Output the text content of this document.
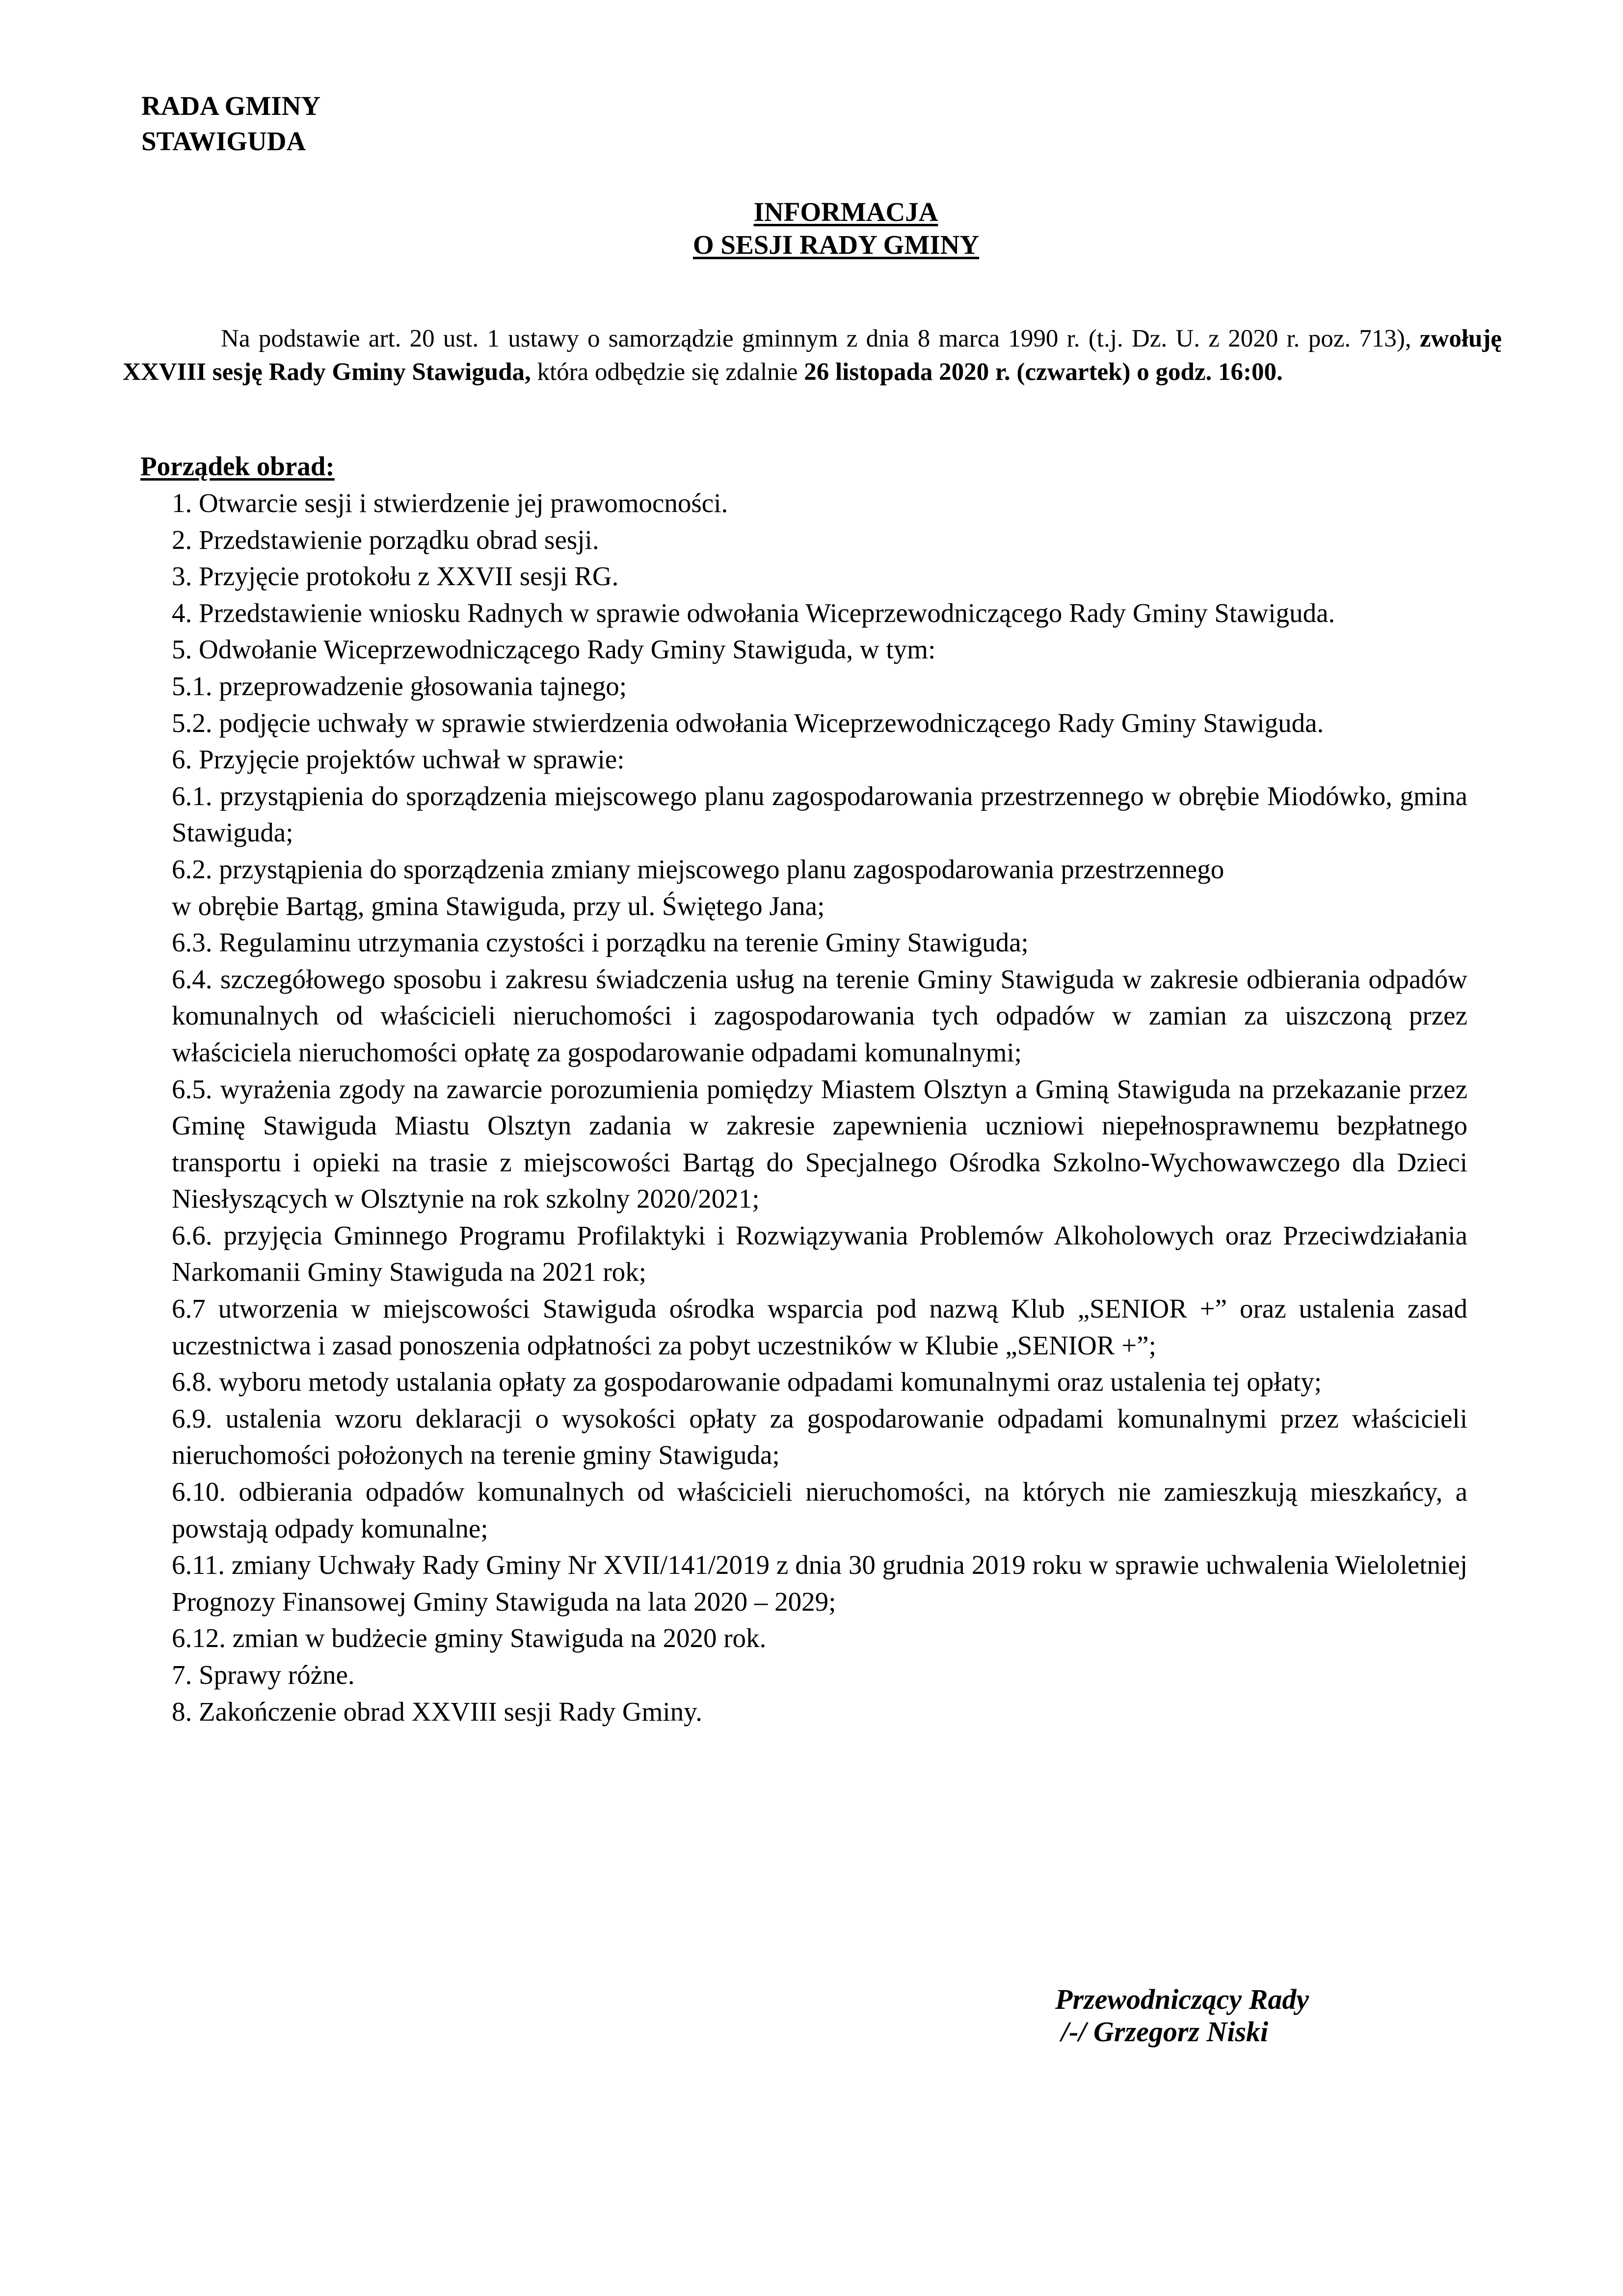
RADA GMINY
STAWIGUDA
INFORMACJA
O SESJI RADY GMINY

Na podstawie art. 20 ust. 1 ustawy o samorządzie gminnym z dnia 8 marca 1990 r. (t.j. Dz. U. z 2020 r. poz. 713), zwołuję XXVIII sesję Rady Gminy Stawiguda, która odbędzie się zdalnie 26 listopada 2020 r. (czwartek) o godz. 16:00.

Porządek obrad:
1. Otwarcie sesji i stwierdzenie jej prawomocności.
2. Przedstawienie porządku obrad sesji.
3. Przyjęcie protokołu z XXVII sesji RG.
4. Przedstawienie wniosku Radnych w sprawie odwołania Wiceprzewodniczącego Rady Gminy Stawiguda.
5. Odwołanie Wiceprzewodniczącego Rady Gminy Stawiguda, w tym:
5.1. przeprowadzenie głosowania tajnego;
5.2. podjęcie uchwały w sprawie stwierdzenia odwołania Wiceprzewodniczącego Rady Gminy Stawiguda.
6. Przyjęcie projektów uchwał w sprawie:
6.1. przystąpienia do sporządzenia miejscowego planu zagospodarowania przestrzennego w obrębie Miodówko, gmina Stawiguda;
6.2. przystąpienia do sporządzenia zmiany miejscowego planu zagospodarowania przestrzennego
w obrębie Bartąg, gmina Stawiguda, przy ul. Świętego Jana;
6.3. Regulaminu utrzymania czystości i porządku na terenie Gminy Stawiguda;
6.4. szczegółowego sposobu i zakresu świadczenia usług na terenie Gminy Stawiguda w zakresie odbierania odpadów komunalnych od właścicieli nieruchomości i zagospodarowania tych odpadów w zamian za uiszczoną przez właściciela nieruchomości opłatę za gospodarowanie odpadami komunalnymi;
6.5. wyrażenia zgody na zawarcie porozumienia pomiędzy Miastem Olsztyn a Gminą Stawiguda na przekazanie przez Gminę Stawiguda Miastu Olsztyn zadania w zakresie zapewnienia uczniowi niepełnosprawnemu bezpłatnego transportu i opieki na trasie z miejscowości Bartąg do Specjalnego Ośrodka Szkolno-Wychowawczego dla Dzieci Niesłyszących w Olsztynie na rok szkolny 2020/2021;
6.6. przyjęcia Gminnego Programu Profilaktyki i Rozwiązywania Problemów Alkoholowych oraz Przeciwdziałania Narkomanii Gminy Stawiguda na 2021 rok;
6.7 utworzenia w miejscowości Stawiguda ośrodka wsparcia pod nazwą Klub „SENIOR +” oraz ustalenia zasad uczestnictwa i zasad ponoszenia odpłatności za pobyt uczestników w Klubie „SENIOR +”;
6.8. wyboru metody ustalania opłaty za gospodarowanie odpadami komunalnymi oraz ustalenia tej opłaty;
6.9. ustalenia wzoru deklaracji o wysokości opłaty za gospodarowanie odpadami komunalnymi przez właścicieli nieruchomości położonych na terenie gminy Stawiguda;
6.10. odbierania odpadów komunalnych od właścicieli nieruchomości, na których nie zamieszkują mieszkańcy, a powstają odpady komunalne;
6.11. zmiany Uchwały Rady Gminy Nr XVII/141/2019 z dnia 30 grudnia 2019 roku w sprawie uchwalenia Wieloletniej Prognozy Finansowej Gminy Stawiguda na lata 2020 – 2029;
6.12. zmian w budżecie gminy Stawiguda na 2020 rok.
7. Sprawy różne.
8. Zakończenie obrad XXVIII sesji Rady Gminy.
Przewodniczący Rady
/-/ Grzegorz Niski
